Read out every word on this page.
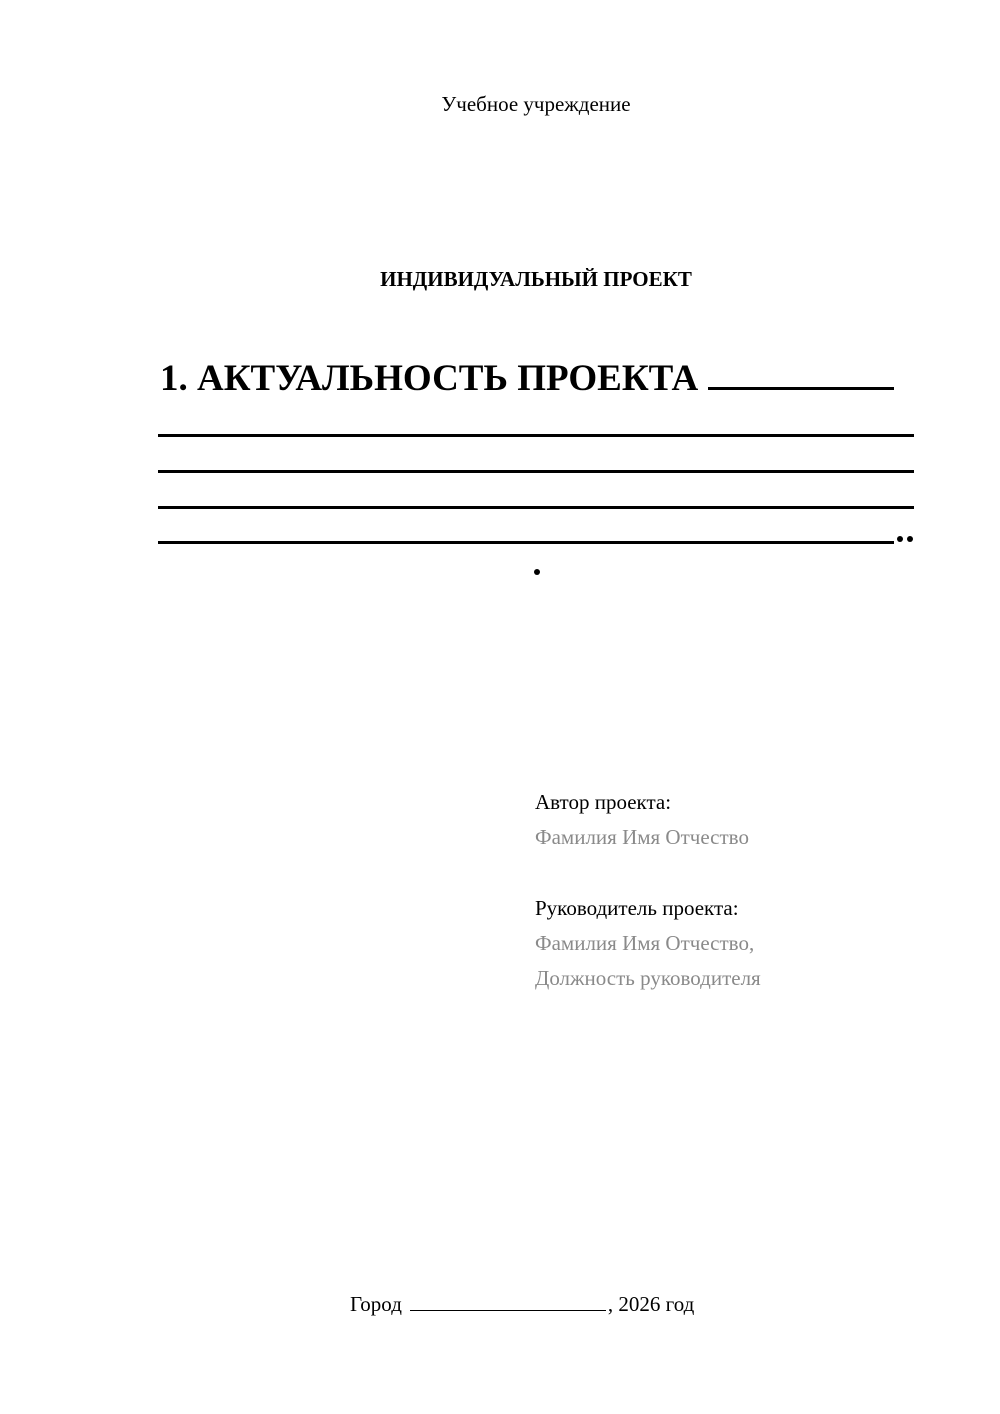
Учебное учреждение
ИНДИВИДУАЛЬНЫЙ ПРОЕКТ
1. АКТУАЛЬНОСТЬ ПРОЕКТА
Автор проекта:
Фамилия Имя Отчество
Руководитель проекта:
Фамилия Имя Отчество,
Должность руководителя
Город	, 2026 год
